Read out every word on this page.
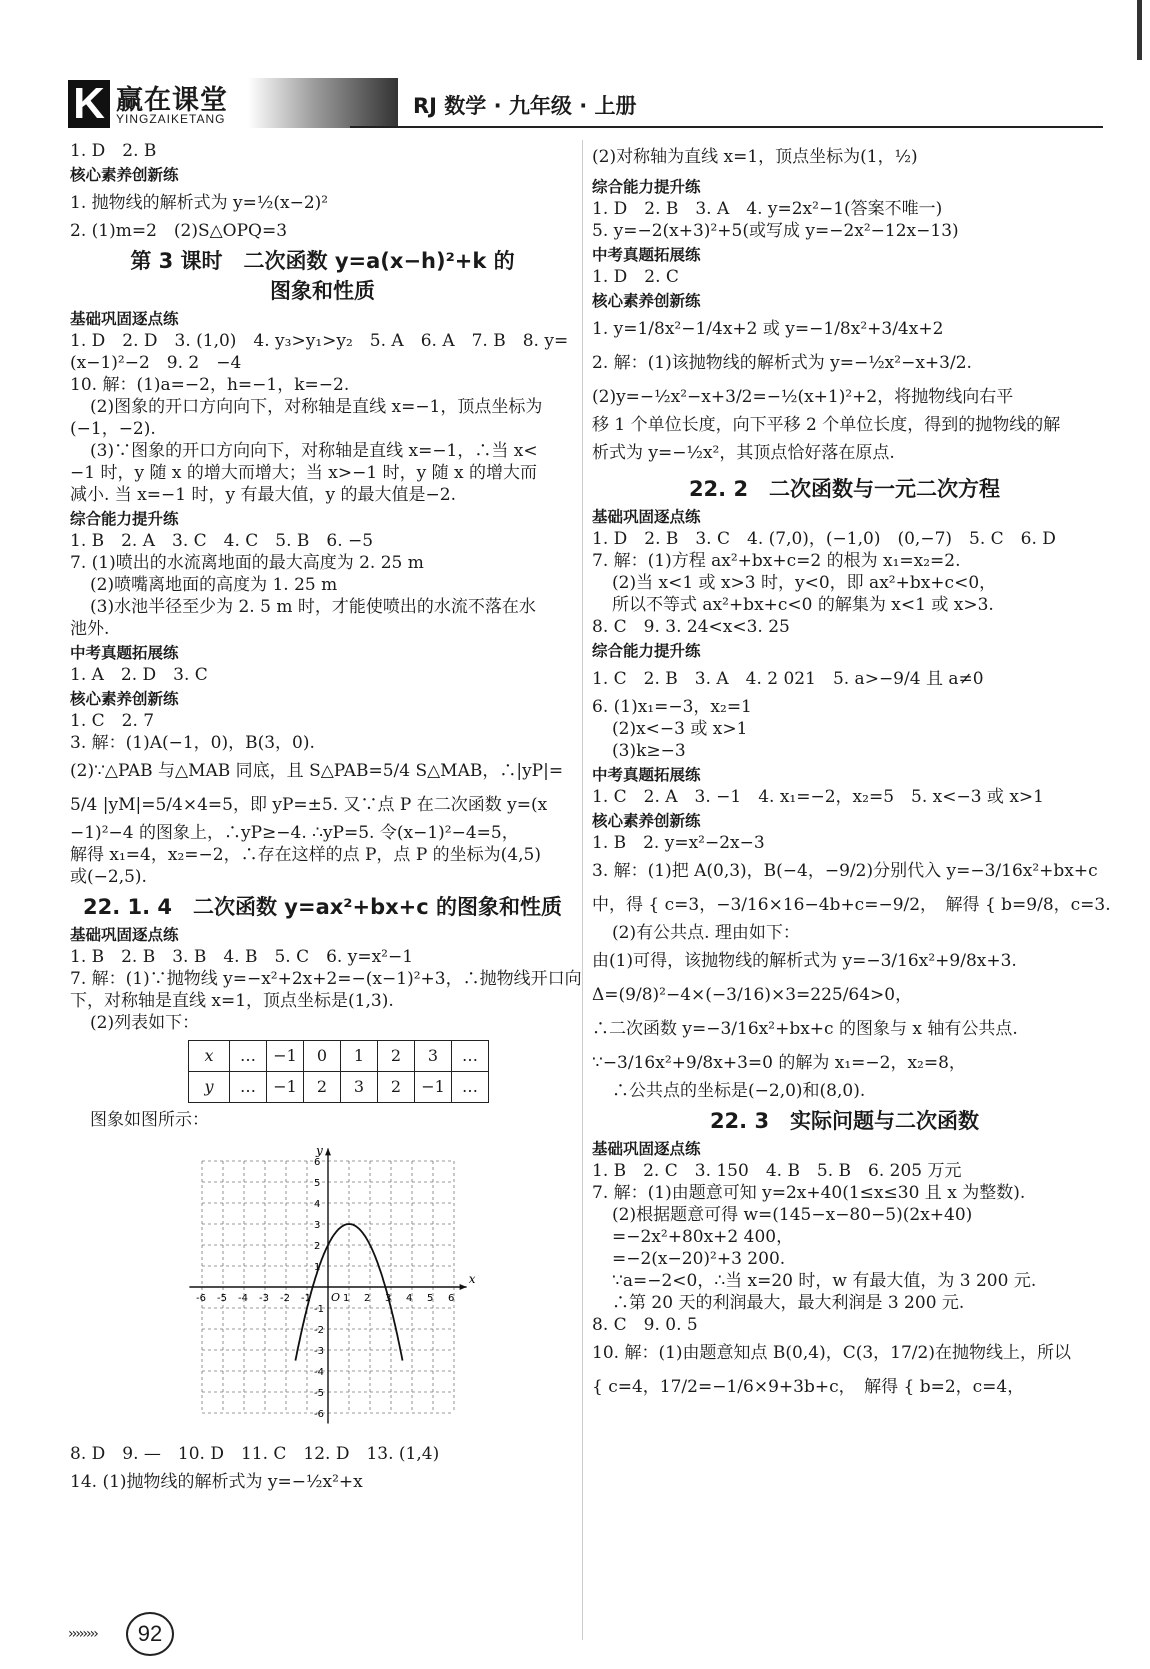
K 赢在课堂
YINGZAIKETANG
RJ 数学 · 九年级 · 上册
1. D　2. B
核心素养创新练
1. 抛物线的解析式为 y=½(x−2)²
2. (1)m=2　(2)S△OPQ=3
第 3 课时　二次函数 y=a(x−h)²+k 的
图象和性质
基础巩固逐点练
1. D　2. D　3. (1,0)　4. y₃>y₁>y₂　5. A　6. A　7. B　8. y=
(x−1)²−2　9. 2　−4
10. 解：(1)a=−2，h=−1，k=−2.
(2)图象的开口方向向下，对称轴是直线 x=−1，顶点坐标为
(−1，−2).
(3)∵图象的开口方向向下，对称轴是直线 x=−1，∴当 x<
−1 时，y 随 x 的增大而增大；当 x>−1 时，y 随 x 的增大而
减小. 当 x=−1 时，y 有最大值，y 的最大值是−2.
综合能力提升练
1. B　2. A　3. C　4. C　5. B　6. −5
7. (1)喷出的水流离地面的最大高度为 2. 25 m
(2)喷嘴离地面的高度为 1. 25 m
(3)水池半径至少为 2. 5 m 时，才能使喷出的水流不落在水
池外.
中考真题拓展练
1. A　2. D　3. C
核心素养创新练
1. C　2. 7
3. 解：(1)A(−1，0)，B(3，0).
(2)∵△PAB 与△MAB 同底，且 S△PAB=5/4 S△MAB，∴|yP|=
5/4 |yM|=5/4×4=5，即 yP=±5. 又∵点 P 在二次函数 y=(x
−1)²−4 的图象上，∴yP≥−4. ∴yP=5. 令(x−1)²−4=5，
解得 x₁=4，x₂=−2，∴存在这样的点 P，点 P 的坐标为(4,5)
或(−2,5).
22. 1. 4　二次函数 y=ax²+bx+c 的图象和性质
基础巩固逐点练
1. B　2. B　3. B　4. B　5. C　6. y=x²−1
7. 解：(1)∵抛物线 y=−x²+2x+2=−(x−1)²+3，∴抛物线开口向
下，对称轴是直线 x=1，顶点坐标是(1,3).
(2)列表如下：
x	…	−1	0	1	2	3	…
y	…	−1	2	3	2	−1	…
图象如图所示：
x
y
O
-6 -5 -4 -3 -2 -1	1 2 3 4 5 6
6
5
4
3
2
1
-1
-2
-3
-4
-5
-6
8. D　9. —　10. D　11. C　12. D　13. (1,4)
14. (1)抛物线的解析式为 y=−½x²+x
(2)对称轴为直线 x=1，顶点坐标为(1，½)
综合能力提升练
1. D　2. B　3. A　4. y=2x²−1(答案不唯一)
5. y=−2(x+3)²+5(或写成 y=−2x²−12x−13)
中考真题拓展练
1. D　2. C
核心素养创新练
1. y=1/8x²−1/4x+2 或 y=−1/8x²+3/4x+2
2. 解：(1)该抛物线的解析式为 y=−½x²−x+3/2.
(2)y=−½x²−x+3/2=−½(x+1)²+2，将抛物线向右平
移 1 个单位长度，向下平移 2 个单位长度，得到的抛物线的解
析式为 y=−½x²，其顶点恰好落在原点.
22. 2　二次函数与一元二次方程
基础巩固逐点练
1. D　2. B　3. C　4. (7,0)，(−1,0)　(0,−7)　5. C　6. D
7. 解：(1)方程 ax²+bx+c=2 的根为 x₁=x₂=2.
(2)当 x<1 或 x>3 时，y<0，即 ax²+bx+c<0，
所以不等式 ax²+bx+c<0 的解集为 x<1 或 x>3.
8. C　9. 3. 24<x<3. 25
综合能力提升练
1. C　2. B　3. A　4. 2 021　5. a>−9/4 且 a≠0
6. (1)x₁=−3，x₂=1
(2)x<−3 或 x>1
(3)k≥−3
中考真题拓展练
1. C　2. A　3. −1　4. x₁=−2，x₂=5　5. x<−3 或 x>1
核心素养创新练
1. B　2. y=x²−2x−3
3. 解：(1)把 A(0,3)，B(−4，−9/2)分别代入 y=−3/16x²+bx+c
中，得 { c=3，−3/16×16−4b+c=−9/2，　解得 { b=9/8，c=3.
(2)有公共点. 理由如下：
由(1)可得，该抛物线的解析式为 y=−3/16x²+9/8x+3.
Δ=(9/8)²−4×(−3/16)×3=225/64>0，
∴二次函数 y=−3/16x²+bx+c 的图象与 x 轴有公共点.
∵−3/16x²+9/8x+3=0 的解为 x₁=−2，x₂=8，
∴公共点的坐标是(−2,0)和(8,0).
22. 3　实际问题与二次函数
基础巩固逐点练
1. B　2. C　3. 150　4. B　5. B　6. 205 万元
7. 解：(1)由题意可知 y=2x+40(1≤x≤30 且 x 为整数).
(2)根据题意可得 w=(145−x−80−5)(2x+40)
=−2x²+80x+2 400，
=−2(x−20)²+3 200.
∵a=−2<0，∴当 x=20 时，w 有最大值，为 3 200 元.
∴第 20 天的利润最大，最大利润是 3 200 元.
8. C　9. 0. 5
10. 解：(1)由题意知点 B(0,4)，C(3，17/2)在抛物线上，所以
{ c=4，17/2=−1/6×9+3b+c，　解得 { b=2，c=4，
››››››››	92
